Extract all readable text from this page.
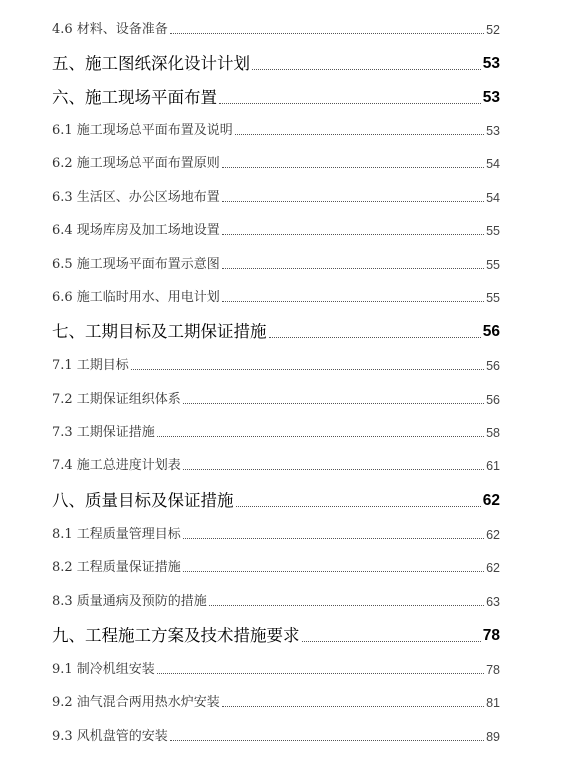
4.6 材料、设备准备	52
五、施工图纸深化设计计划	53
六、施工现场平面布置	53
6.1 施工现场总平面布置及说明	53
6.2 施工现场总平面布置原则	54
6.3 生活区、办公区场地布置	54
6.4 现场库房及加工场地设置	55
6.5 施工现场平面布置示意图	55
6.6 施工临时用水、用电计划	55
七、工期目标及工期保证措施	56
7.1 工期目标	56
7.2 工期保证组织体系	56
7.3 工期保证措施	58
7.4 施工总进度计划表	61
八、质量目标及保证措施	62
8.1 工程质量管理目标	62
8.2 工程质量保证措施	62
8.3 质量通病及预防的措施	63
九、工程施工方案及技术措施要求	78
9.1 制冷机组安装	78
9.2 油气混合两用热水炉安装	81
9.3 风机盘管的安装	89
